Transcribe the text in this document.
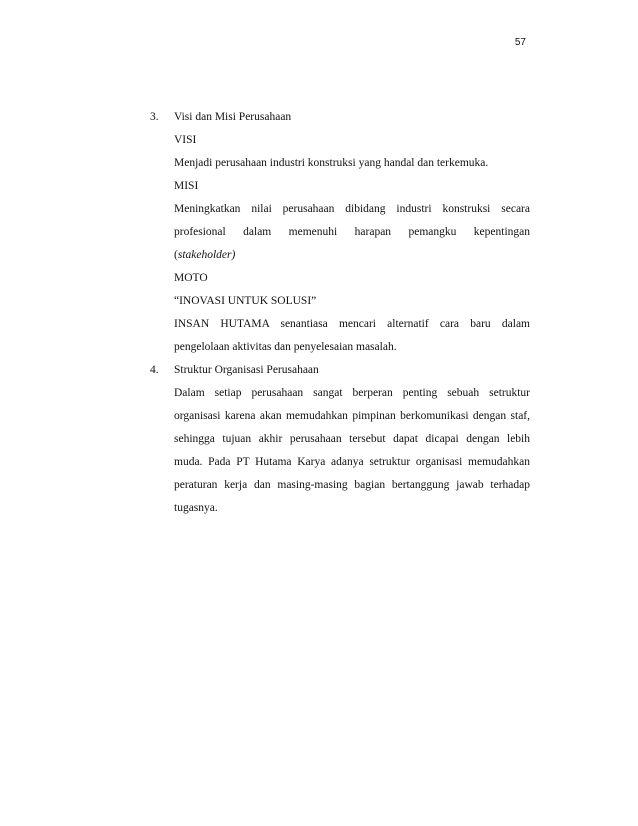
57
3. Visi dan Misi Perusahaan
VISI
Menjadi perusahaan industri konstruksi yang handal dan terkemuka.
MISI
Meningkatkan nilai perusahaan dibidang industri konstruksi secara
profesional dalam memenuhi harapan pemangku kepentingan
(stakeholder)
MOTO
“INOVASI UNTUK SOLUSI”
INSAN HUTAMA senantiasa mencari alternatif cara baru dalam
pengelolaan aktivitas dan penyelesaian masalah.
4. Struktur Organisasi Perusahaan
Dalam setiap perusahaan sangat berperan penting sebuah setruktur
organisasi karena akan memudahkan pimpinan berkomunikasi dengan staf,
sehingga tujuan akhir perusahaan tersebut dapat dicapai dengan lebih
muda. Pada PT Hutama Karya adanya setruktur organisasi memudahkan
peraturan kerja dan masing-masing bagian bertanggung jawab terhadap
tugasnya.
